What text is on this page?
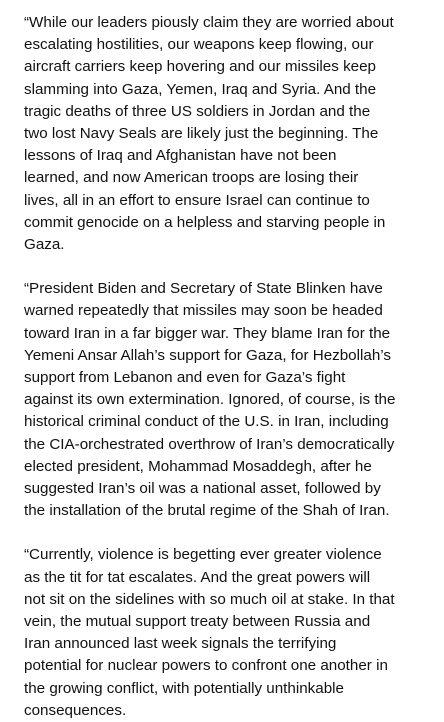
“While our leaders piously claim they are worried about
escalating hostilities, our weapons keep flowing, our
aircraft carriers keep hovering and our missiles keep
slamming into Gaza, Yemen, Iraq and Syria. And the
tragic deaths of three US soldiers in Jordan and the
two lost Navy Seals are likely just the beginning. The
lessons of Iraq and Afghanistan have not been
learned, and now American troops are losing their
lives, all in an effort to ensure Israel can continue to
commit genocide on a helpless and starving people in
Gaza.

“President Biden and Secretary of State Blinken have
warned repeatedly that missiles may soon be headed
toward Iran in a far bigger war. They blame Iran for the
Yemeni Ansar Allah’s support for Gaza, for Hezbollah’s
support from Lebanon and even for Gaza’s fight
against its own extermination. Ignored, of course, is the
historical criminal conduct of the U.S. in Iran, including
the CIA-orchestrated overthrow of Iran’s democratically
elected president, Mohammad Mosaddegh, after he
suggested Iran’s oil was a national asset, followed by
the installation of the brutal regime of the Shah of Iran.

“Currently, violence is begetting ever greater violence
as the tit for tat escalates. And the great powers will
not sit on the sidelines with so much oil at stake. In that
vein, the mutual support treaty between Russia and
Iran announced last week signals the terrifying
potential for nuclear powers to confront one another in
the growing conflict, with potentially unthinkable
consequences.
